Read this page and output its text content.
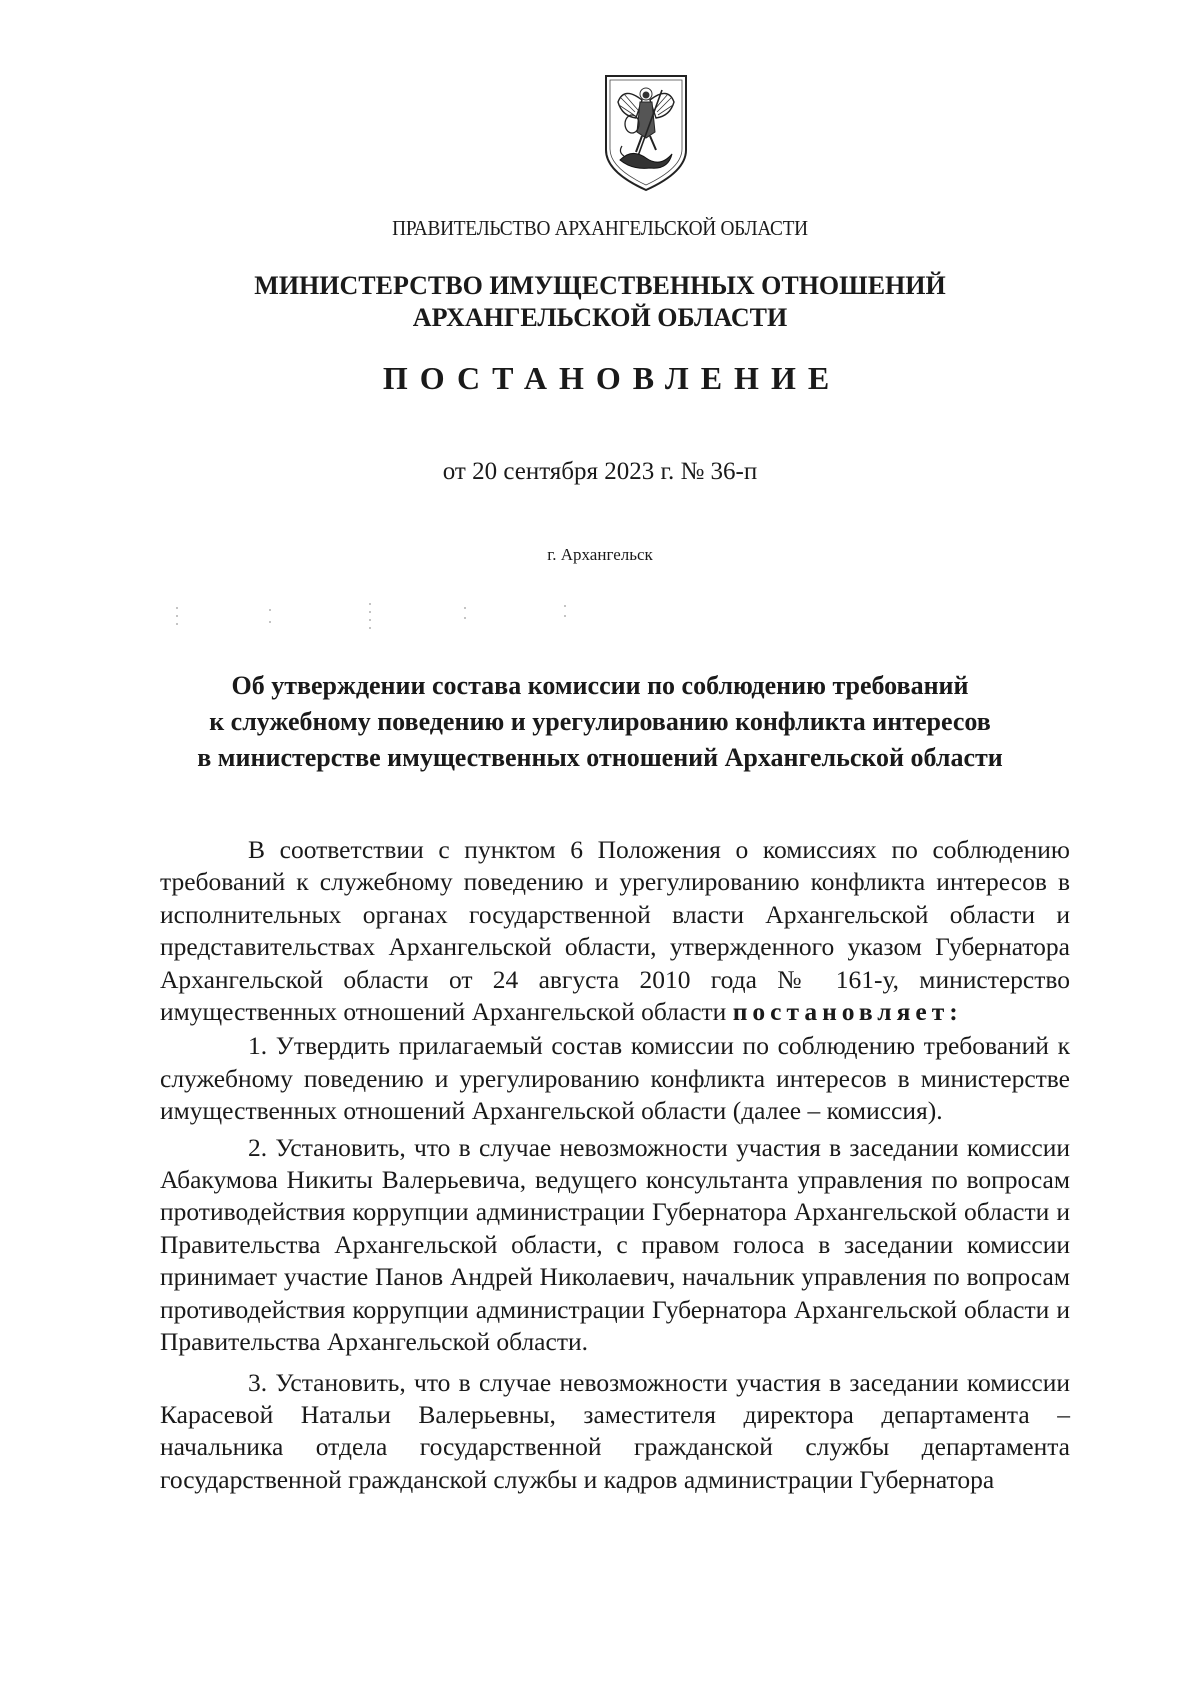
ПРАВИТЕЛЬСТВО АРХАНГЕЛЬСКОЙ ОБЛАСТИ
МИНИСТЕРСТВО ИМУЩЕСТВЕННЫХ ОТНОШЕНИЙ
АРХАНГЕЛЬСКОЙ ОБЛАСТИ
ПОСТАНОВЛЕНИЕ
от 20 сентября 2023 г. № 36-п
г. Архангельск
Об утверждении состава комиссии по соблюдению требований
к служебному поведению и урегулированию конфликта интересов
в министерстве имущественных отношений Архангельской области

В соответствии с пунктом 6 Положения о комиссиях по соблюдению требований к служебному поведению и урегулированию конфликта интересов в исполнительных органах государственной власти Архангельской области и представительствах Архангельской области, утвержденного указом Губернатора Архангельской области от 24 августа 2010 года № 161-у, министерство имущественных отношений Архангельской области постановляет:

1. Утвердить прилагаемый состав комиссии по соблюдению требований к служебному поведению и урегулированию конфликта интересов в министерстве имущественных отношений Архангельской области (далее – комиссия).

2. Установить, что в случае невозможности участия в заседании комиссии Абакумова Никиты Валерьевича, ведущего консультанта управления по вопросам противодействия коррупции администрации Губернатора Архангельской области и Правительства Архангельской области, с правом голоса в заседании комиссии принимает участие Панов Андрей Николаевич, начальник управления по вопросам противодействия коррупции администрации Губернатора Архангельской области и Правительства Архангельской области.

3. Установить, что в случае невозможности участия в заседании комиссии Карасевой Натальи Валерьевны, заместителя директора департамента – начальника отдела государственной гражданской службы департамента государственной гражданской службы и кадров администрации Губернатора
